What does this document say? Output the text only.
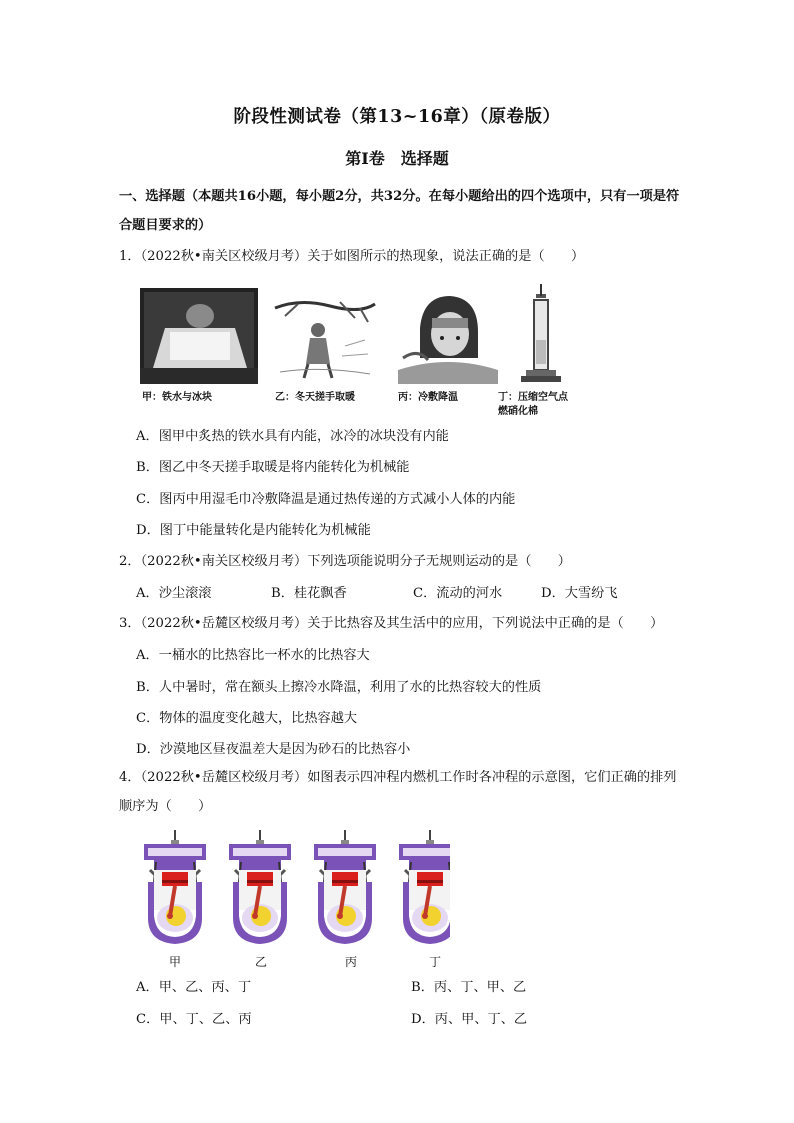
阶段性测试卷（第13~16章）（原卷版）
第Ⅰ卷　选择题
一、选择题（本题共16小题，每小题2分，共32分。在每小题给出的四个选项中，只有一项是符合题目要求的）
1．（2022秋•南关区校级月考）关于如图所示的热现象，说法正确的是（　　）
甲：铁水与冰块	乙：冬天搓手取暖	丙：冷敷降温	丁：压缩空气点
燃硝化棉
A．图甲中炙热的铁水具有内能，冰冷的冰块没有内能
B．图乙中冬天搓手取暖是将内能转化为机械能
C．图丙中用湿毛巾冷敷降温是通过热传递的方式减小人体的内能
D．图丁中能量转化是内能转化为机械能
2．（2022秋•南关区校级月考）下列选项能说明分子无规则运动的是（　　）
A．沙尘滚滚	B．桂花飘香	C．流动的河水	D．大雪纷飞
3．（2022秋•岳麓区校级月考）关于比热容及其生活中的应用，下列说法中正确的是（　　）
A．一桶水的比热容比一杯水的比热容大
B．人中暑时，常在额头上擦冷水降温，利用了水的比热容较大的性质
C．物体的温度变化越大，比热容越大
D．沙漠地区昼夜温差大是因为砂石的比热容小
4．（2022秋•岳麓区校级月考）如图表示四冲程内燃机工作时各冲程的示意图，它们正确的排列顺序为（　　）
甲	乙	丙	丁
A．甲、乙、丙、丁	B．丙、丁、甲、乙
C．甲、丁、乙、丙	D．丙、甲、丁、乙
